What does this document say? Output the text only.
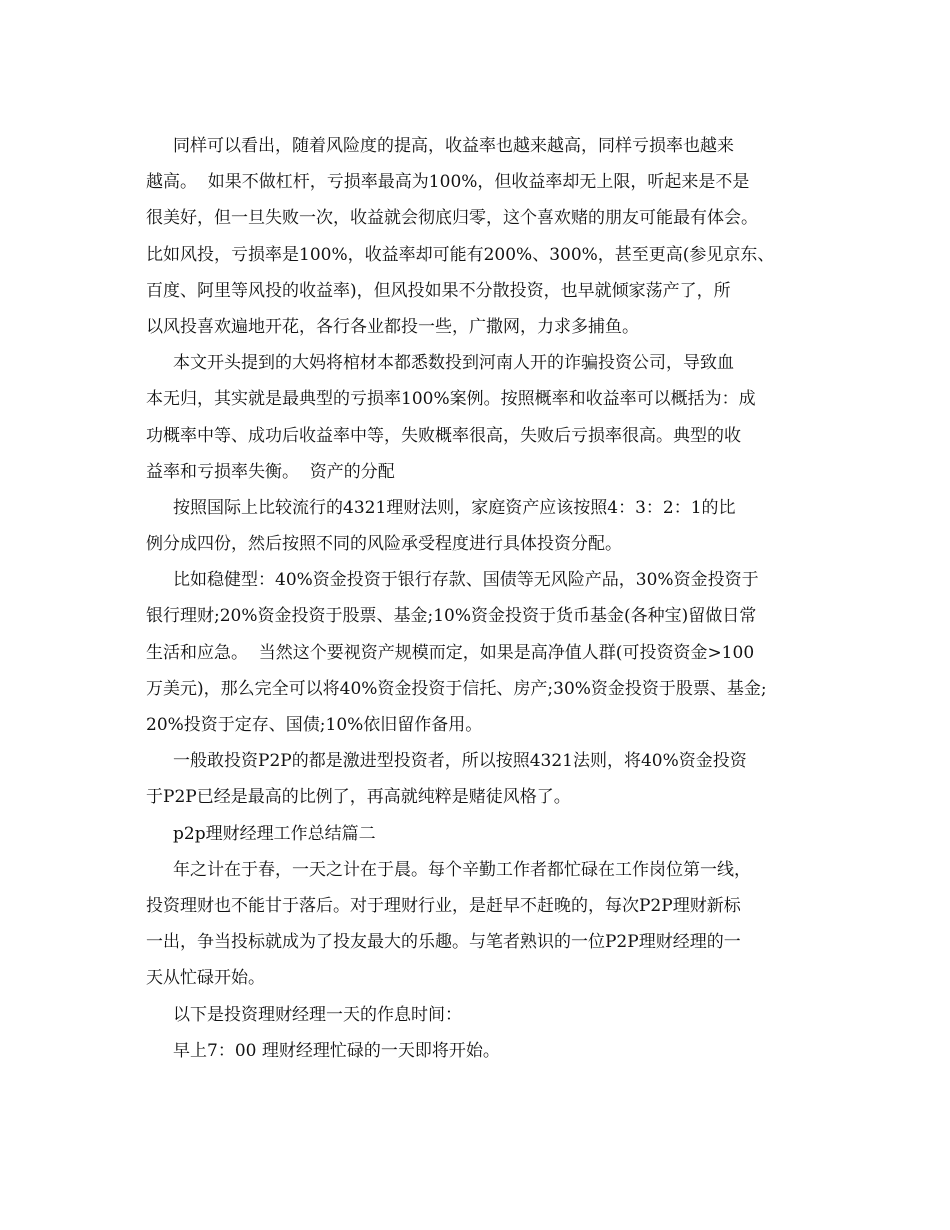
同样可以看出，随着风险度的提高，收益率也越来越高，同样亏损率也越来
越高。  如果不做杠杆，亏损率最高为100%，但收益率却无上限，听起来是不是
很美好，但一旦失败一次，收益就会彻底归零，这个喜欢赌的朋友可能最有体会。
比如风投，亏损率是100%，收益率却可能有200%、300%，甚至更高(参见京东、
百度、阿里等风投的收益率)，但风投如果不分散投资，也早就倾家荡产了，所
以风投喜欢遍地开花，各行各业都投一些，广撒网，力求多捕鱼。
本文开头提到的大妈将棺材本都悉数投到河南人开的诈骗投资公司，导致血
本无归，其实就是最典型的亏损率100%案例。按照概率和收益率可以概括为：成
功概率中等、成功后收益率中等，失败概率很高，失败后亏损率很高。典型的收
益率和亏损率失衡。  资产的分配
按照国际上比较流行的4321理财法则，家庭资产应该按照4：3：2：1的比
例分成四份，然后按照不同的风险承受程度进行具体投资分配。
比如稳健型：40%资金投资于银行存款、国债等无风险产品，30%资金投资于
银行理财;20%资金投资于股票、基金;10%资金投资于货币基金(各种宝)留做日常
生活和应急。  当然这个要视资产规模而定，如果是高净值人群(可投资资金>100
万美元)，那么完全可以将40%资金投资于信托、房产;30%资金投资于股票、基金;
20%投资于定存、国债;10%依旧留作备用。
一般敢投资P2P的都是激进型投资者，所以按照4321法则，将40%资金投资
于P2P已经是最高的比例了，再高就纯粹是赌徒风格了。
p2p理财经理工作总结篇二
年之计在于春，一天之计在于晨。每个辛勤工作者都忙碌在工作岗位第一线，
投资理财也不能甘于落后。对于理财行业，是赶早不赶晚的，每次P2P理财新标
一出，争当投标就成为了投友最大的乐趣。与笔者熟识的一位P2P理财经理的一
天从忙碌开始。
以下是投资理财经理一天的作息时间：
早上7：00 理财经理忙碌的一天即将开始。
